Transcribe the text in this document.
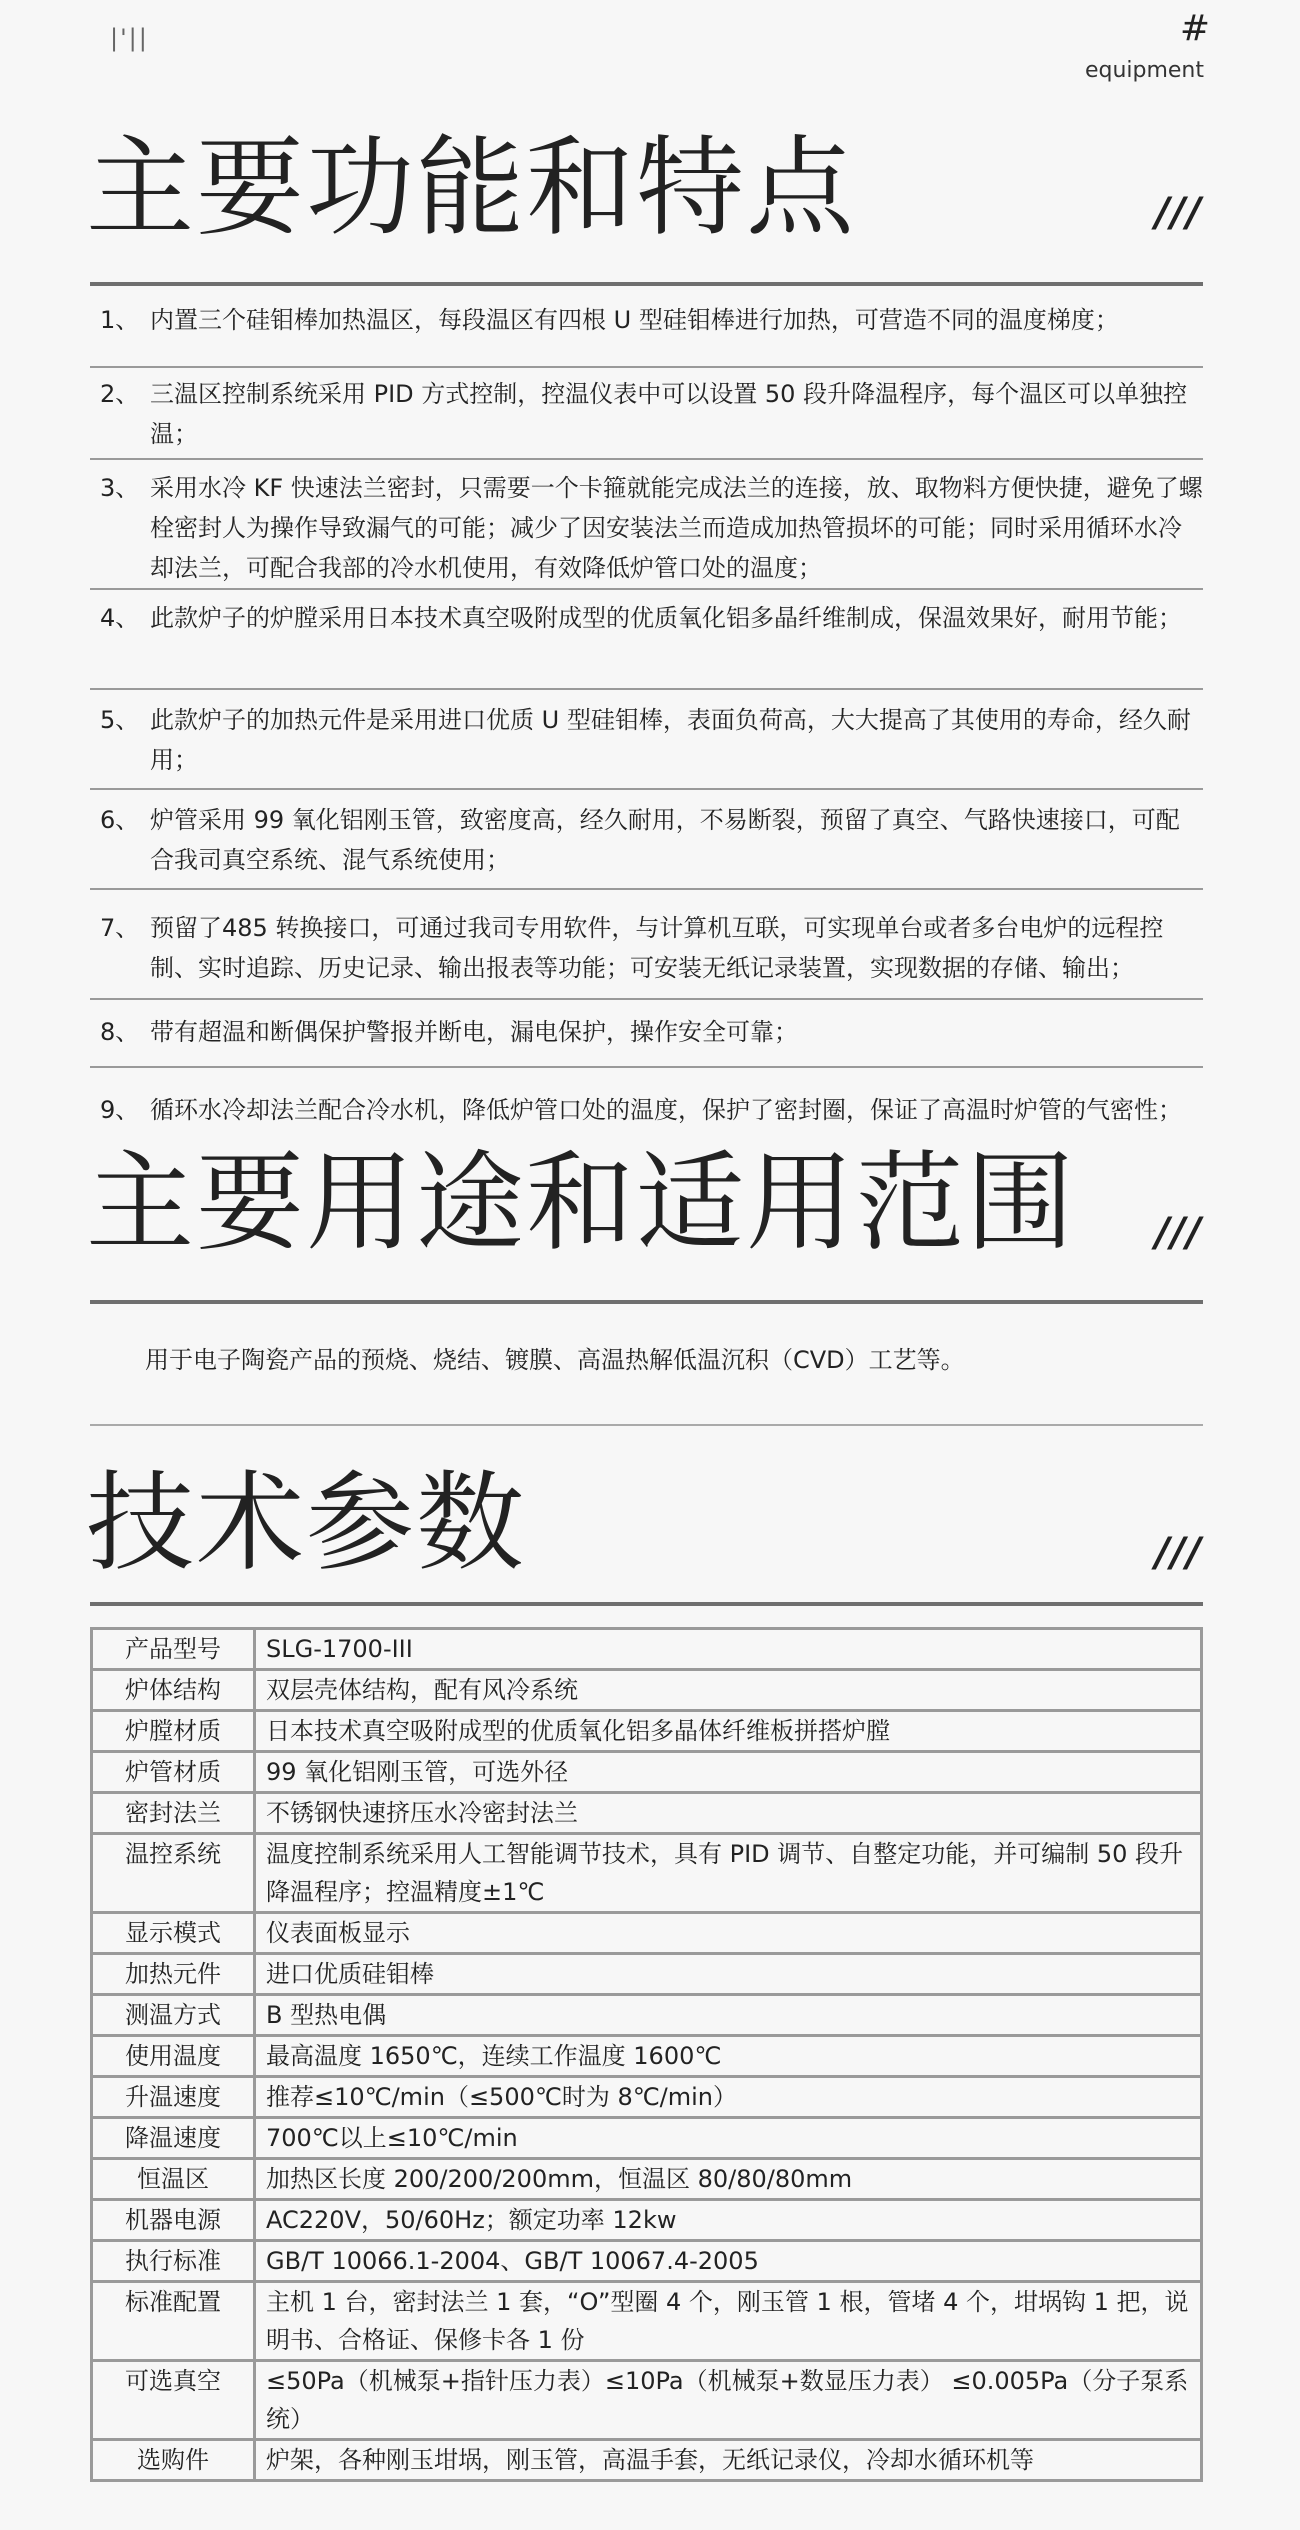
|'||	#
equipment
主要功能和特点	///
1、 内置三个硅钼棒加热温区，每段温区有四根 U 型硅钼棒进行加热，可营造不同的温度梯度；
2、 三温区控制系统采用 PID 方式控制，控温仪表中可以设置 50 段升降温程序，每个温区可以单独控温；
3、 采用水冷 KF 快速法兰密封，只需要一个卡箍就能完成法兰的连接，放、取物料方便快捷，避免了螺栓密封人为操作导致漏气的可能；减少了因安装法兰而造成加热管损坏的可能；同时采用循环水冷却法兰，可配合我部的冷水机使用，有效降低炉管口处的温度；
4、 此款炉子的炉膛采用日本技术真空吸附成型的优质氧化铝多晶纤维制成，保温效果好，耐用节能；
5、 此款炉子的加热元件是采用进口优质 U 型硅钼棒，表面负荷高，大大提高了其使用的寿命，经久耐用；
6、 炉管采用 99 氧化铝刚玉管，致密度高，经久耐用，不易断裂，预留了真空、气路快速接口，可配合我司真空系统、混气系统使用；
7、 预留了485 转换接口，可通过我司专用软件，与计算机互联，可实现单台或者多台电炉的远程控制、实时追踪、历史记录、输出报表等功能；可安装无纸记录装置，实现数据的存储、输出；
8、 带有超温和断偶保护警报并断电，漏电保护，操作安全可靠；
9、 循环水冷却法兰配合冷水机，降低炉管口处的温度，保护了密封圈，保证了高温时炉管的气密性；
主要用途和适用范围 ///
用于电子陶瓷产品的预烧、烧结、镀膜、高温热解低温沉积（CVD）工艺等。
技术参数	///
产品型号	SLG-1700-III
炉体结构	双层壳体结构，配有风冷系统
炉膛材质	日本技术真空吸附成型的优质氧化铝多晶体纤维板拼搭炉膛
炉管材质	99 氧化铝刚玉管，可选外径
密封法兰	不锈钢快速挤压水冷密封法兰
温控系统	温度控制系统采用人工智能调节技术，具有 PID 调节、自整定功能，并可编制 50 段升降温程序；控温精度±1℃
显示模式	仪表面板显示
加热元件	进口优质硅钼棒
测温方式	B 型热电偶
使用温度	最高温度 1650℃，连续工作温度 1600℃
升温速度	推荐≤10℃/min（≤500℃时为 8℃/min）
降温速度	700℃以上≤10℃/min
恒温区	加热区长度 200/200/200mm，恒温区 80/80/80mm
机器电源	AC220V，50/60Hz；额定功率 12kw
执行标准	GB/T 10066.1-2004、GB/T 10067.4-2005
标准配置	主机 1 台，密封法兰 1 套，“O”型圈 4 个，刚玉管 1 根，管堵 4 个，坩埚钩 1 把，说明书、合格证、保修卡各 1 份
可选真空	≤50Pa（机械泵+指针压力表）≤10Pa（机械泵+数显压力表） ≤0.005Pa（分子泵系统）
选购件	炉架，各种刚玉坩埚，刚玉管，高温手套，无纸记录仪，冷却水循环机等
